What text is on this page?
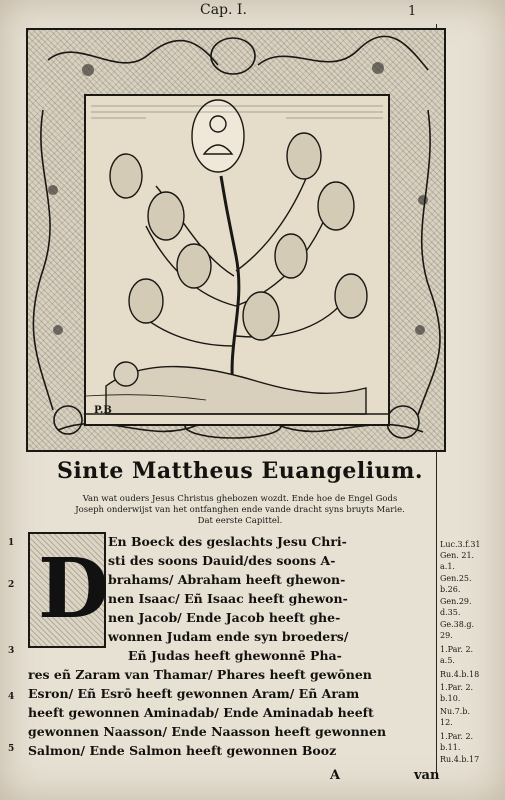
Cap. I.	1
P.B
Sinte Mattheus Euangelium.
Van wat ouders Jesus Christus ghebozen wozdt. Ende hoe de Engel Gods
Joseph onderwijst van het ontfanghen ende vande dracht syns bruyts Marie.
Dat eerste Capittel.
D
1
2
3
4
5
En Boeck des geslachts Jesu Chri-
sti des soons Dauid/des soons A-
brahams/ Abraham heeft ghewon-
nen Isaac/ Eñ Isaac heeft ghewon-
nen Jacob/ Ende Jacob heeft ghe-
wonnen Judam ende syn broeders/
Eñ Judas heeft ghewonnē Pha-
res eñ Zaram van Thamar/ Phares heeft gewōnen
Esron/ Eñ Esrō heeft gewonnen Aram/ Eñ Aram
heeft gewonnen Aminadab/ Ende Aminadab heeft
gewonnen Naasson/ Ende Naasson heeft gewonnen
Salmon/ Ende Salmon heeft gewonnen Booz
Luc.3.f.31
Gen. 21.
a.1.
Gen.25.
b.26.
Gen.29.
d.35.
Ge.38.g.
29.
1.Par. 2.
a.5.
Ru.4.b.18
1.Par. 2.
b.10.
Nu.7.b.
12.
1.Par. 2.
b.11.
Ru.4.b.17
A	van
